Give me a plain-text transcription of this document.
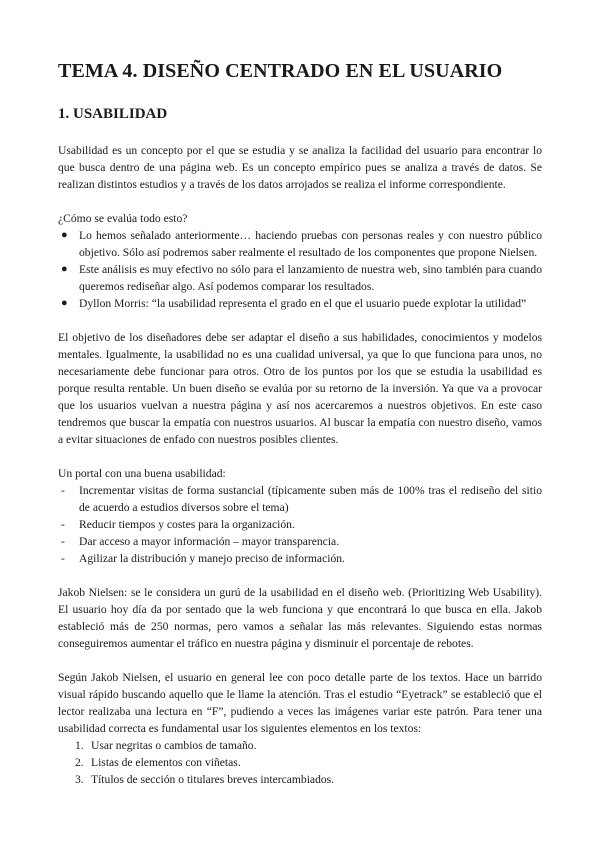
TEMA 4. DISEÑO CENTRADO EN EL USUARIO
1. USABILIDAD

Usabilidad es un concepto por el que se estudia y se analiza la facilidad del usuario para encontrar lo que busca dentro de una página web. Es un concepto empírico pues se analiza a través de datos. Se realizan distintos estudios y a través de los datos arrojados se realiza el informe correspondiente.

¿Cómo se evalúa todo esto?

● Lo hemos señalado anteriormente… haciendo pruebas con personas reales y con nuestro público objetivo. Sólo así podremos saber realmente el resultado de los componentes que propone Nielsen.
● Este análisis es muy efectivo no sólo para el lanzamiento de nuestra web, sino también para cuando queremos rediseñar algo. Así podemos comparar los resultados.
● Dyllon Morris: “la usabilidad representa el grado en el que el usuario puede explotar la utilidad”

El objetivo de los diseñadores debe ser adaptar el diseño a sus habilidades, conocimientos y modelos mentales. Igualmente, la usabilidad no es una cualidad universal, ya que lo que funciona para unos, no necesariamente debe funcionar para otros. Otro de los puntos por los que se estudia la usabilidad es porque resulta rentable. Un buen diseño se evalúa por su retorno de la inversión. Ya que va a provocar que los usuarios vuelvan a nuestra página y así nos acercaremos a nuestros objetivos. En este caso tendremos que buscar la empatía con nuestros usuarios. Al buscar la empatía con nuestro diseño, vamos a evitar situaciones de enfado con nuestros posibles clientes.

Un portal con una buena usabilidad:

- Incrementar visitas de forma sustancial (típicamente suben más de 100% tras el rediseño del sitio de acuerdo a estudios diversos sobre el tema)
- Reducir tiempos y costes para la organización.
- Dar acceso a mayor información – mayor transparencia.
- Agilizar la distribución y manejo preciso de información.

Jakob Nielsen: se le considera un gurú de la usabilidad en el diseño web. (Prioritizing Web Usability). El usuario hoy día da por sentado que la web funciona y que encontrará lo que busca en ella. Jakob estableció más de 250 normas, pero vamos a señalar las más relevantes. Siguiendo estas normas conseguiremos aumentar el tráfico en nuestra página y disminuir el porcentaje de rebotes.

Según Jakob Nielsen, el usuario en general lee con poco detalle parte de los textos. Hace un barrido visual rápido buscando aquello que le llame la atención. Tras el estudio “Eyetrack” se estableció que el lector realizaba una lectura en “F”, pudiendo a veces las imágenes variar este patrón. Para tener una usabilidad correcta es fundamental usar los siguientes elementos en los textos:

1. Usar negritas o cambios de tamaño.
2. Listas de elementos con viñetas.
3. Títulos de sección o titulares breves intercambiados.
